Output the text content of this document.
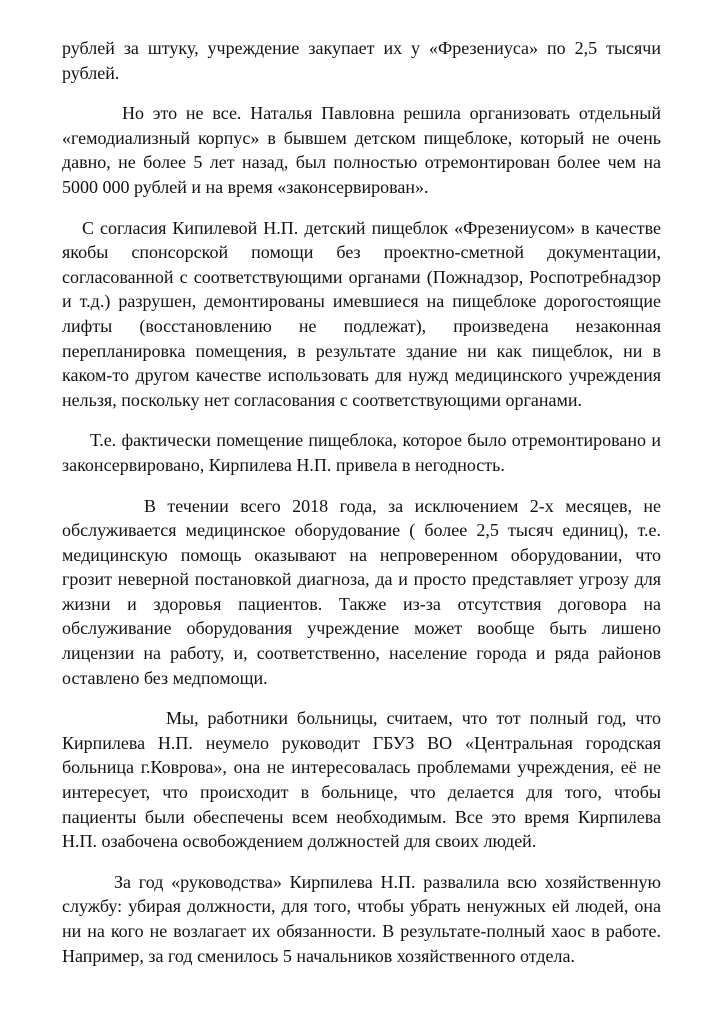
рублей за штуку, учреждение закупает их у «Фрезениуса» по 2,5 тысячи рублей.

Но это не все. Наталья Павловна решила организовать отдельный «гемодиализный корпус» в бывшем детском пищеблоке, который не очень давно, не более 5 лет назад, был полностью отремонтирован более чем на 5000 000 рублей и на время «законсервирован».

С согласия Кипилевой Н.П. детский пищеблок «Фрезениусом» в качестве якобы спонсорской помощи без проектно-сметной документации, согласованной с соответствующими органами (Пожнадзор, Роспотребнадзор и т.д.) разрушен, демонтированы имевшиеся на пищеблоке дорогостоящие лифты (восстановлению не подлежат), произведена незаконная перепланировка помещения, в результате здание ни как пищеблок, ни в каком-то другом качестве использовать для нужд медицинского учреждения нельзя, поскольку нет согласования с соответствующими органами.

Т.е. фактически помещение пищеблока, которое было отремонтировано и законсервировано, Кирпилева Н.П. привела в негодность.

В течении всего 2018 года, за исключением 2-х месяцев, не обслуживается медицинское оборудование ( более 2,5 тысяч единиц), т.е. медицинскую помощь оказывают на непроверенном оборудовании, что грозит неверной постановкой диагноза, да и просто представляет угрозу для жизни и здоровья пациентов. Также из-за отсутствия договора на обслуживание оборудования учреждение может вообще быть лишено лицензии на работу, и, соответственно, население города и ряда районов оставлено без медпомощи.

Мы, работники больницы, считаем, что тот полный год, что Кирпилева Н.П. неумело руководит ГБУЗ ВО «Центральная городская больница г.Коврова», она не интересовалась проблемами учреждения, её не интересует, что происходит в больнице, что делается для того, чтобы пациенты были обеспечены всем необходимым. Все это время Кирпилева Н.П. озабочена освобождением должностей для своих людей.

За год «руководства» Кирпилева Н.П. развалила всю хозяйственную службу: убирая должности, для того, чтобы убрать ненужных ей людей, она ни на кого не возлагает их обязанности. В результате-полный хаос в работе. Например, за год сменилось 5 начальников хозяйственного отдела.
